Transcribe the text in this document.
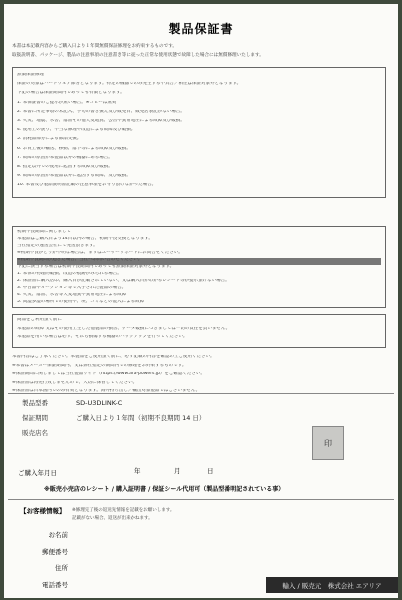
製品保証書
本書は本記載内容からご購入日より１年間無償保証修理をお約束するものです。
取扱説明書、パッケージ、製品の注意事項の注意書き等に従った正常な使用状態で故障した場合には無償修理いたします。
無償保証修理
保証の対象はハードウェア部分となります。特定の機器でのみ発生する不具合／相性は保証対象外となります。
下記の場合は保証期間内であっても有償となります。
1. 本保証書のご提示が無い場合。※コピーは無効
2. 本書に所定事項の未記入、字句の書き換え及び販売日、販売店表記がない場合。
3. 火災、地震、水害、落雷その他天変地異、公害や異常電圧による故障及び破損。
4. 使用上の誤り、不当な修理や改造による故障及び破損。
5. 消耗品部分による部品交換。
6. お買上後の輸送、移動、落下等による故障及び破損。
7. 故障の原因が本製品以外の機器にある場合。
8. 指定以外での使用に起因する故障及び破損。
9. 故障の原因が本製品以外に起因する故障、及び破損。
10. 本書及び製品説明書記載の注意事項をお守り頂けなかった場合。
初期不良期間に関しまして
本製品はご購入日より14日以内の場合、初期不良交換となります。
当社指定の運送会社にて発送頂きます。
※初期不良かどうか不明な場合は、まずはユーザーサポートにお問合せください。
※初期不良期間が過ぎた場合、当社へお問い合わせください。
下記に該当する場合は初期不良期間内であっても無償保証対象外となります。
1. 本体の物理的破損、改造の痕跡がみられる場合。
2. 保証書に購入店印、購入日が記載されていない、又は購入日がわかるレシート等が提示頂けない場合。
3. 中古品やオークション等で入手された製品の場合。
4. 火災、落雷、水害等天変地異や異常電圧による故障
5. 高湿多湿の場所での使用や、埃、ゴミなどの混入による故障
商品をご利用頂く前に
本製品の故障 又はその使用上生じた他製品の損害、データ破損につきましては一切の責任を負いません。
本製品を用いる場合は必ず、それら損傷する機器のバックアップを行ってください。
本書内容はご了承ください。本製品をご使用頂く前に、必ず記載の内容を確認の上ご使用ください。
※本書はメーカー保証期間内、又は弊社指定の期間内での修理をお約束するものです。
※保証期間に関しましては当社製品サイト（https://www.ara-powers.jp）をご確認ください。
※保証書は再発行致しませんので、大切に保管してください。
※保証書は日本国内でのみ有効となります。海外持ち出し／輸出対象製品ではございません。
製品型番	SD-U3DLINK-C
保証期間	ご購入日より１年間（初期不良期間 14 日）
販売店名
印
ご購入年月日	年	月	日
※販売小売店のレシート / 購入証明書 / 保証シール代用可（製品型番明記されている事）
【お客様情報】 ※修理完了後の返送先情報を記載をお願いします。
記載がない場合、返送が出来かねます。
お名前
郵便番号
住所
電話番号	輸入 / 販売元　株式会社 エアリア
